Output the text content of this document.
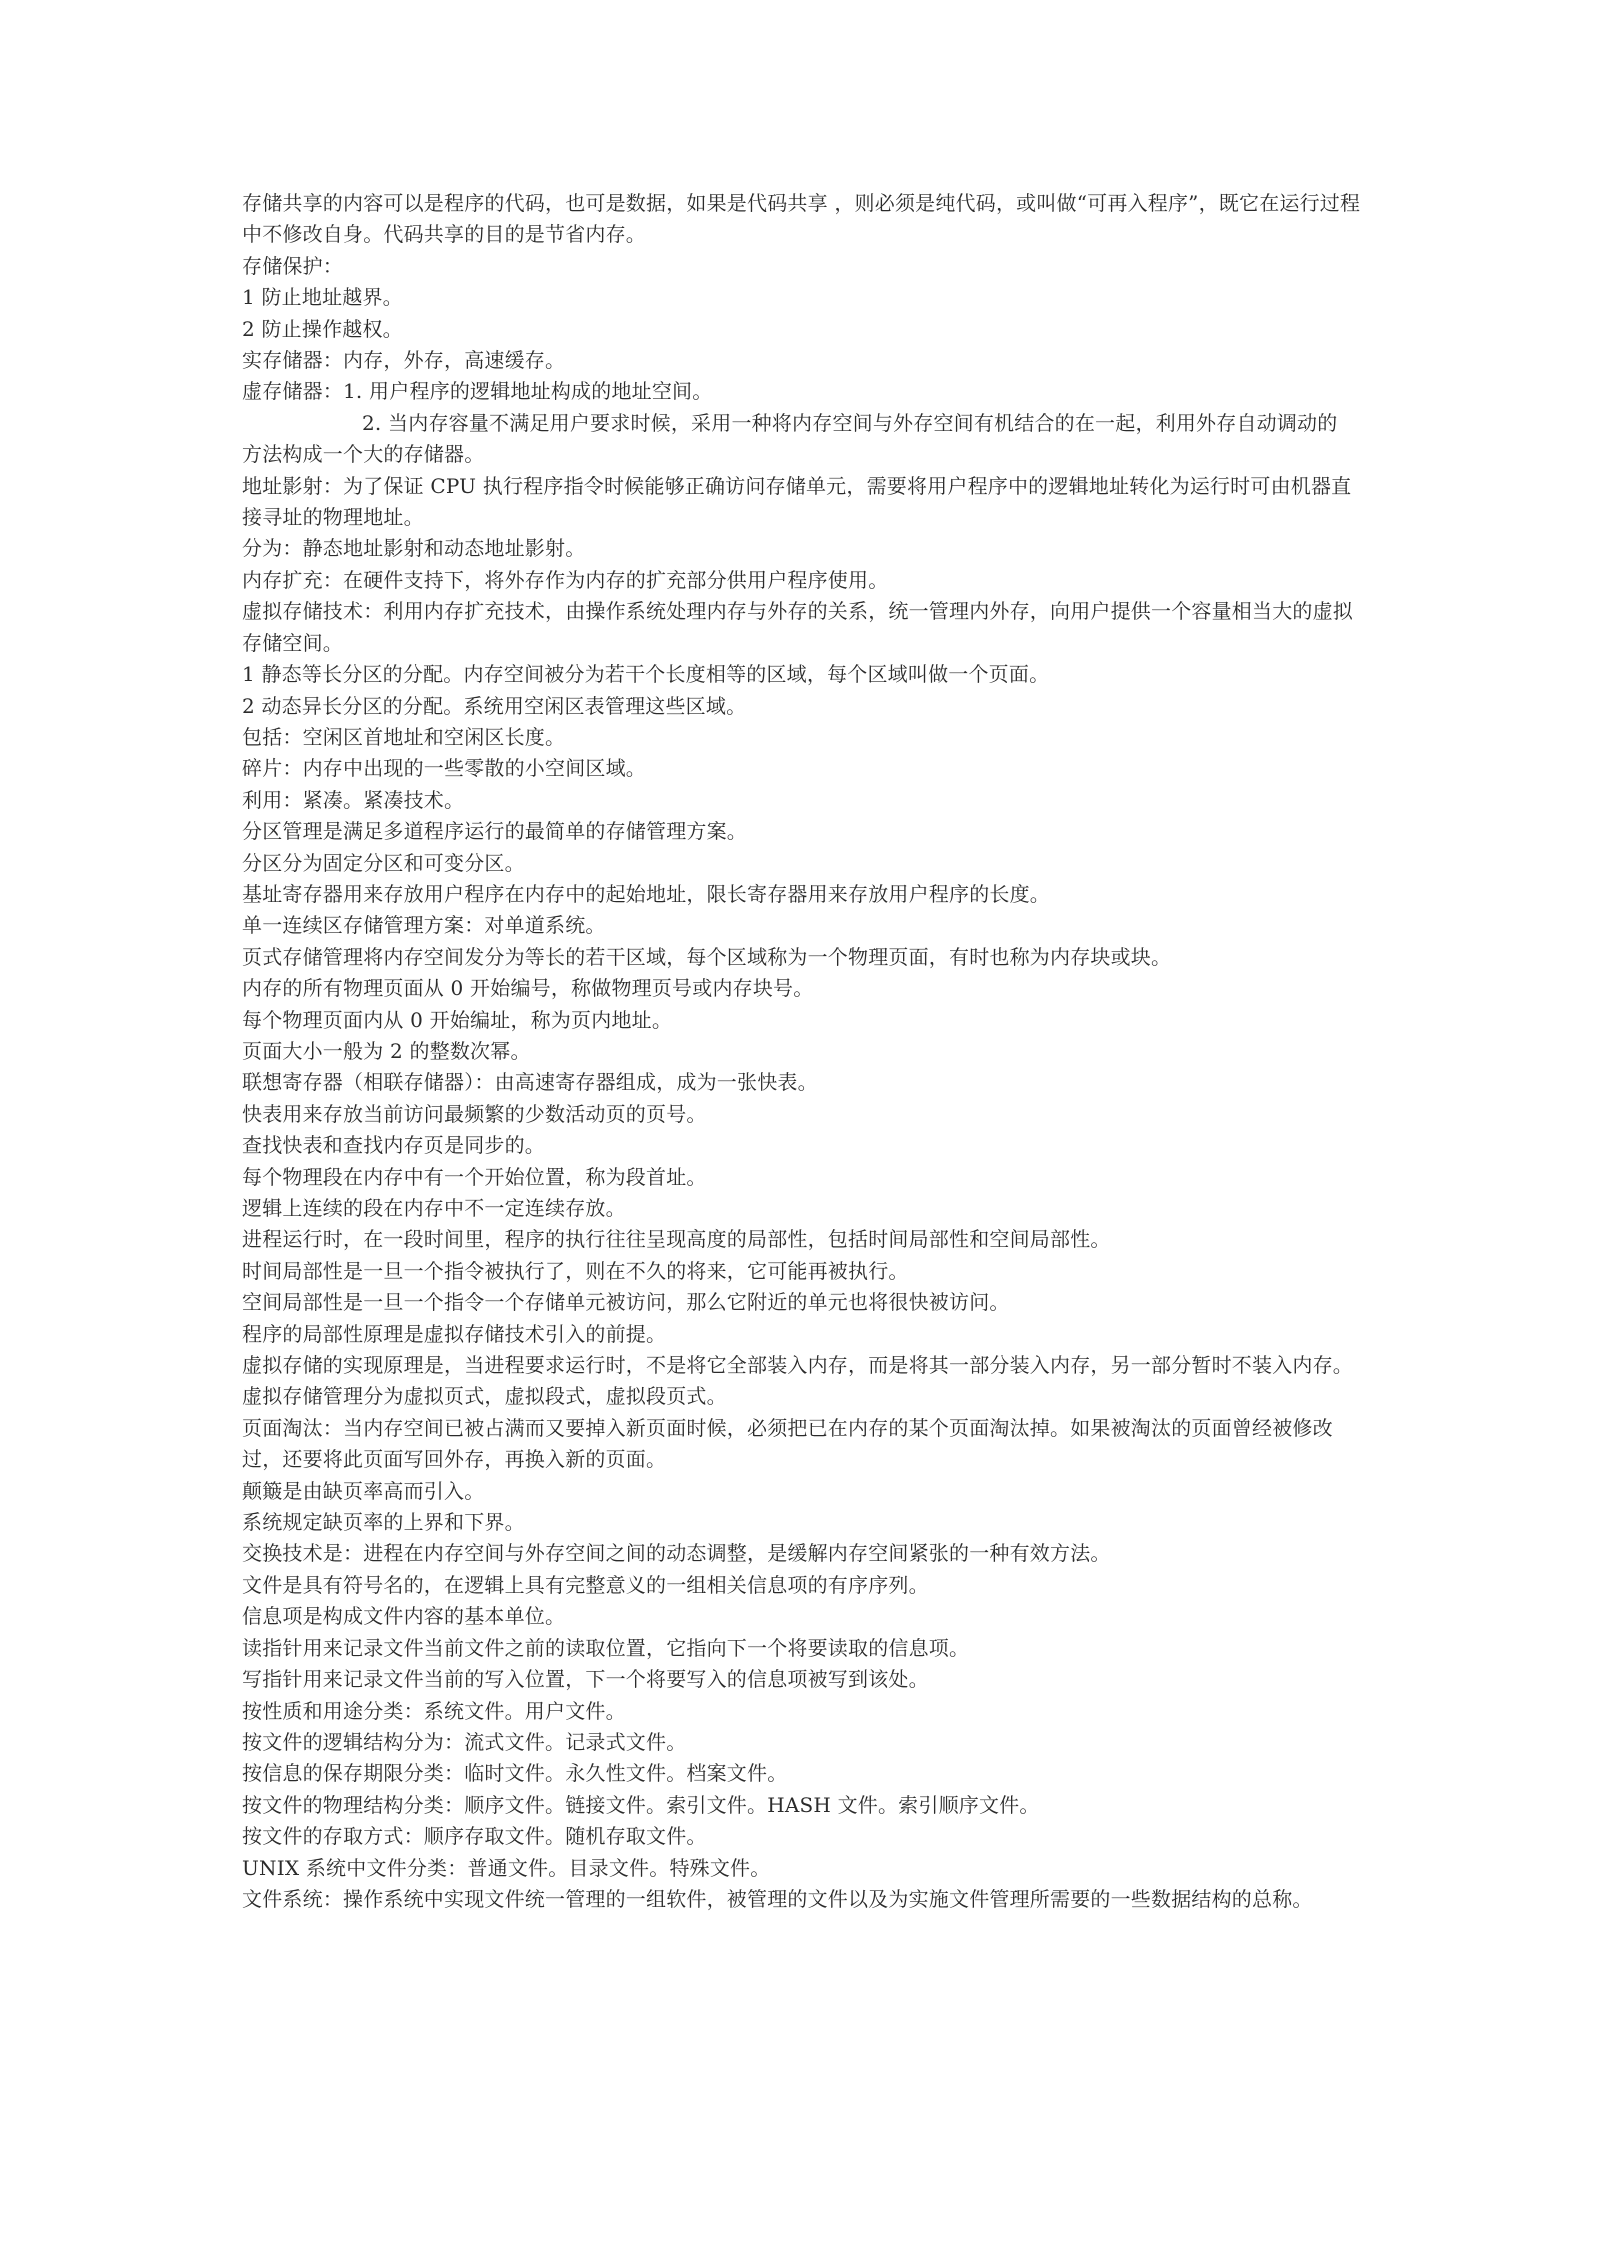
存储共享的内容可以是程序的代码，也可是数据，如果是代码共享 ，则必须是纯代码，或叫做“可再入程序”，既它在运行过程中不修改自身。代码共享的目的是节省内存。

存储保护：

1 防止地址越界。

2 防止操作越权。

实存储器：内存，外存，高速缓存。

虚存储器：1. 用户程序的逻辑地址构成的地址空间。

2. 当内存容量不满足用户要求时候，采用一种将内存空间与外存空间有机结合的在一起，利用外存自动调动的

方法构成一个大的存储器。

地址影射：为了保证 CPU 执行程序指令时候能够正确访问存储单元，需要将用户程序中的逻辑地址转化为运行时可由机器直

接寻址的物理地址。

分为：静态地址影射和动态地址影射。

内存扩充：在硬件支持下，将外存作为内存的扩充部分供用户程序使用。

虚拟存储技术：利用内存扩充技术，由操作系统处理内存与外存的关系，统一管理内外存，向用户提供一个容量相当大的虚拟存储空间。

1 静态等长分区的分配。内存空间被分为若干个长度相等的区域，每个区域叫做一个页面。

2 动态异长分区的分配。系统用空闲区表管理这些区域。

包括：空闲区首地址和空闲区长度。

碎片：内存中出现的一些零散的小空间区域。

利用：紧凑。紧凑技术。

分区管理是满足多道程序运行的最简单的存储管理方案。

分区分为固定分区和可变分区。

基址寄存器用来存放用户程序在内存中的起始地址，限长寄存器用来存放用户程序的长度。

单一连续区存储管理方案：对单道系统。

页式存储管理将内存空间发分为等长的若干区域，每个区域称为一个物理页面，有时也称为内存块或块。

内存的所有物理页面从 0 开始编号，称做物理页号或内存块号。

每个物理页面内从 0 开始编址，称为页内地址。

页面大小一般为 2 的整数次幂。

联想寄存器（相联存储器）：由高速寄存器组成，成为一张快表。

快表用来存放当前访问最频繁的少数活动页的页号。

查找快表和查找内存页是同步的。

每个物理段在内存中有一个开始位置，称为段首址。

逻辑上连续的段在内存中不一定连续存放。

进程运行时，在一段时间里，程序的执行往往呈现高度的局部性，包括时间局部性和空间局部性。

时间局部性是一旦一个指令被执行了，则在不久的将来，它可能再被执行。

空间局部性是一旦一个指令一个存储单元被访问，那么它附近的单元也将很快被访问。

程序的局部性原理是虚拟存储技术引入的前提。

虚拟存储的实现原理是，当进程要求运行时，不是将它全部装入内存，而是将其一部分装入内存，另一部分暂时不装入内存。

虚拟存储管理分为虚拟页式，虚拟段式，虚拟段页式。

页面淘汰：当内存空间已被占满而又要掉入新页面时候，必须把已在内存的某个页面淘汰掉。如果被淘汰的页面曾经被修改过，还要将此页面写回外存，再换入新的页面。

颠簸是由缺页率高而引入。

系统规定缺页率的上界和下界。

交换技术是：进程在内存空间与外存空间之间的动态调整，是缓解内存空间紧张的一种有效方法。

文件是具有符号名的，在逻辑上具有完整意义的一组相关信息项的有序序列。

信息项是构成文件内容的基本单位。

读指针用来记录文件当前文件之前的读取位置，它指向下一个将要读取的信息项。

写指针用来记录文件当前的写入位置，下一个将要写入的信息项被写到该处。

按性质和用途分类：系统文件。用户文件。

按文件的逻辑结构分为：流式文件。记录式文件。

按信息的保存期限分类：临时文件。永久性文件。档案文件。

按文件的物理结构分类：顺序文件。链接文件。索引文件。HASH 文件。索引顺序文件。

按文件的存取方式：顺序存取文件。随机存取文件。

UNIX 系统中文件分类：普通文件。目录文件。特殊文件。

文件系统：操作系统中实现文件统一管理的一组软件，被管理的文件以及为实施文件管理所需要的一些数据结构的总称。
